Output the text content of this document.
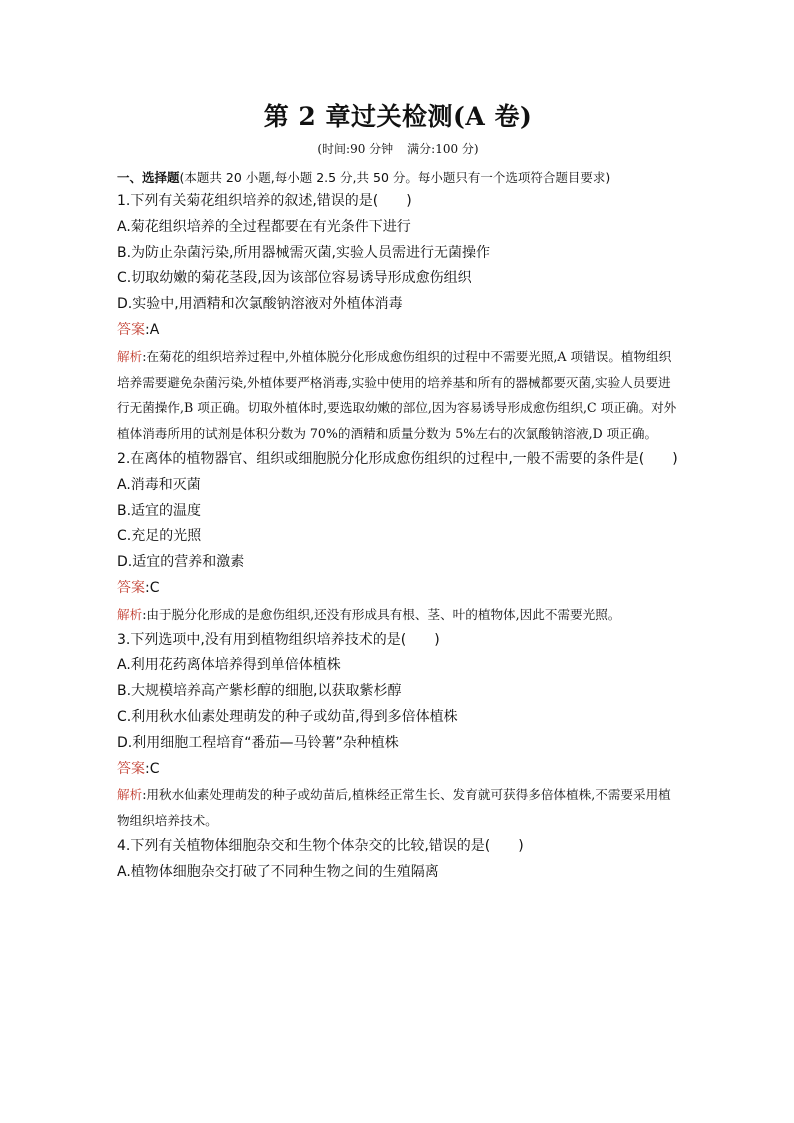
第 2 章过关检测(A 卷)
(时间:90 分钟 满分:100 分)

一、选择题(本题共 20 小题,每小题 2.5 分,共 50 分。每小题只有一个选项符合题目要求)

1.下列有关菊花组织培养的叙述,错误的是(　　)

A.菊花组织培养的全过程都要在有光条件下进行

B.为防止杂菌污染,所用器械需灭菌,实验人员需进行无菌操作

C.切取幼嫩的菊花茎段,因为该部位容易诱导形成愈伤组织

D.实验中,用酒精和次氯酸钠溶液对外植体消毒

答案:A

解析:在菊花的组织培养过程中,外植体脱分化形成愈伤组织的过程中不需要光照,A 项错误。植物组织培养需要避免杂菌污染,外植体要严格消毒,实验中使用的培养基和所有的器械都要灭菌,实验人员要进行无菌操作,B 项正确。切取外植体时,要选取幼嫩的部位,因为容易诱导形成愈伤组织,C 项正确。对外植体消毒所用的试剂是体积分数为 70%的酒精和质量分数为 5%左右的次氯酸钠溶液,D 项正确。

2.在离体的植物器官、组织或细胞脱分化形成愈伤组织的过程中,一般不需要的条件是(　　)

A.消毒和灭菌

B.适宜的温度

C.充足的光照

D.适宜的营养和激素

答案:C

解析:由于脱分化形成的是愈伤组织,还没有形成具有根、茎、叶的植物体,因此不需要光照。

3.下列选项中,没有用到植物组织培养技术的是(　　)

A.利用花药离体培养得到单倍体植株

B.大规模培养高产紫杉醇的细胞,以获取紫杉醇

C.利用秋水仙素处理萌发的种子或幼苗,得到多倍体植株

D.利用细胞工程培育“番茄—马铃薯”杂种植株

答案:C

解析:用秋水仙素处理萌发的种子或幼苗后,植株经正常生长、发育就可获得多倍体植株,不需要采用植物组织培养技术。

4.下列有关植物体细胞杂交和生物个体杂交的比较,错误的是(　　)

A.植物体细胞杂交打破了不同种生物之间的生殖隔离
